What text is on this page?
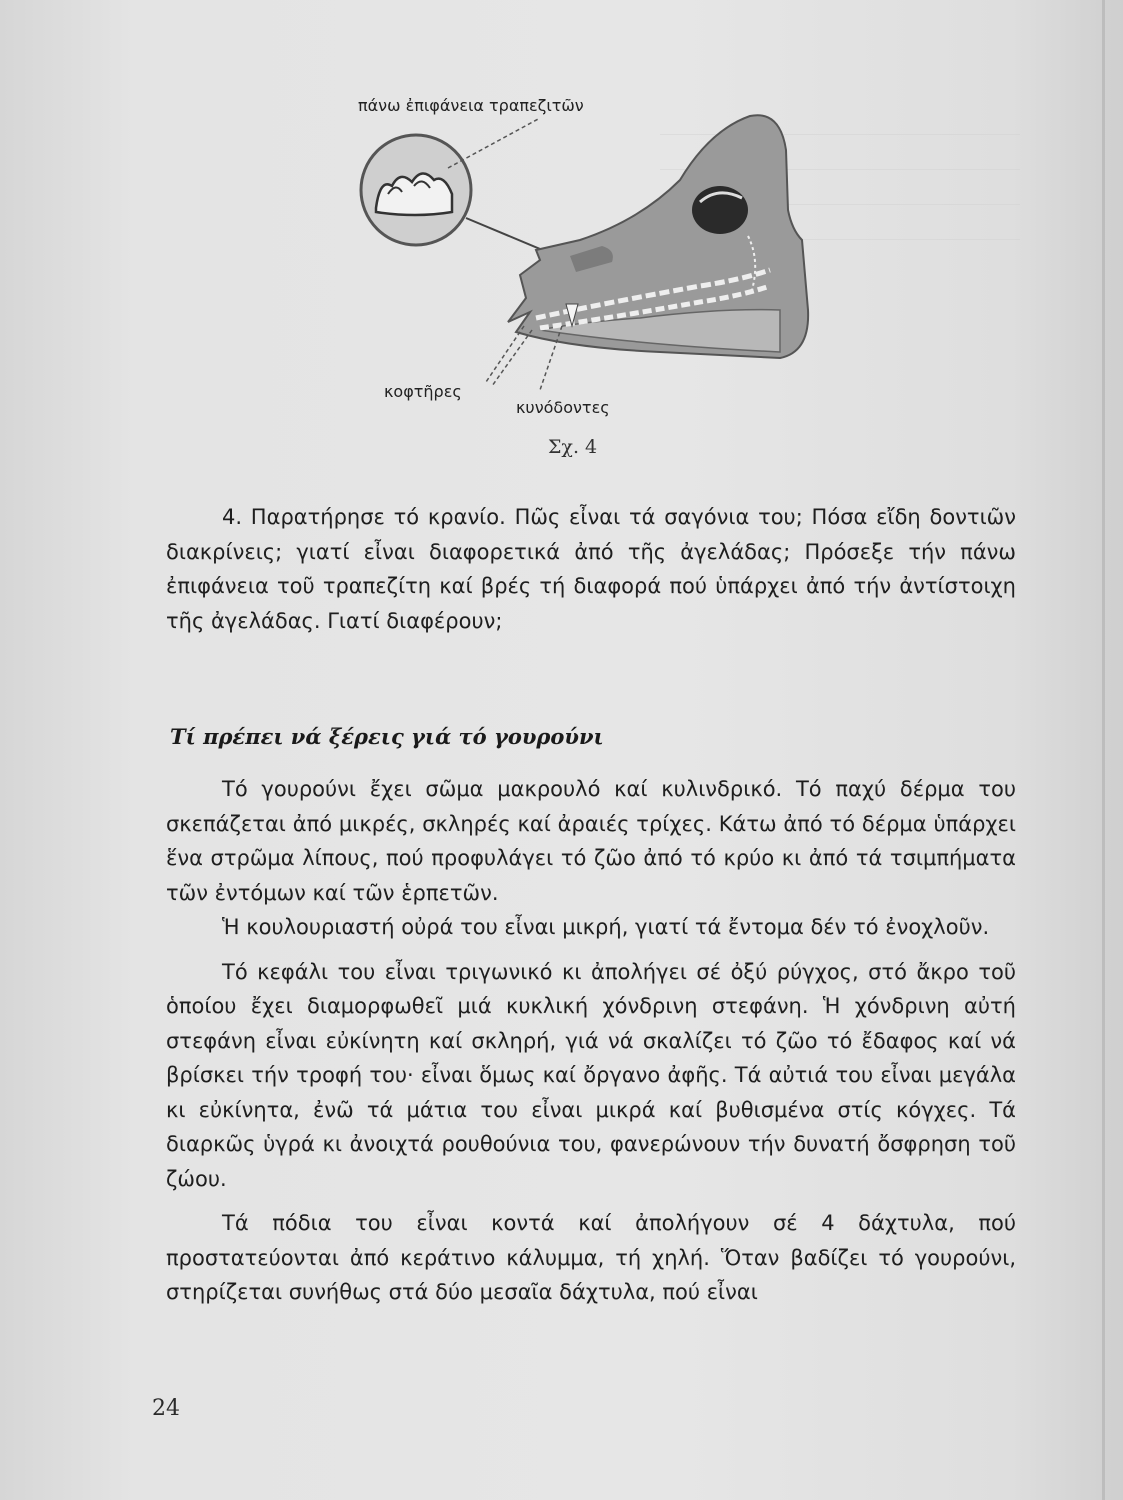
πάνω ἐπιφάνεια τραπεζιτῶν
κοφτῆρες
κυνόδοντες
Σχ. 4

4. Παρατήρησε τό κρανίο. Πῶς εἶναι τά σαγόνια του; Πόσα εἴδη δοντιῶν διακρίνεις; γιατί εἶναι διαφορετικά ἀπό τῆς ἀγελάδας; Πρόσεξε τήν πάνω ἐπιφάνεια τοῦ τραπεζίτη καί βρές τή διαφορά πού ὑπάρχει ἀπό τήν ἀντίστοιχη τῆς ἀγελάδας. Γιατί διαφέρουν;

Τί πρέπει νά ξέρεις γιά τό γουρούνι

Τό γουρούνι ἔχει σῶμα μακρουλό καί κυλινδρικό. Τό παχύ δέρμα του σκεπάζεται ἀπό μικρές, σκληρές καί ἀραιές τρίχες. Κάτω ἀπό τό δέρμα ὑπάρχει ἕνα στρῶμα λίπους, πού προφυλάγει τό ζῶο ἀπό τό κρύο κι ἀπό τά τσιμπήματα τῶν ἐντόμων καί τῶν ἑρπετῶν.

Ἡ κουλουριαστή οὐρά του εἶναι μικρή, γιατί τά ἔντομα δέν τό ἐνοχλοῦν.

Τό κεφάλι του εἶναι τριγωνικό κι ἀπολήγει σέ ὀξύ ρύγχος, στό ἄκρο τοῦ ὁποίου ἔχει διαμορφωθεῖ μιά κυκλική χόνδρινη στεφάνη. Ἡ χόνδρινη αὐτή στεφάνη εἶναι εὐκίνητη καί σκληρή, γιά νά σκαλίζει τό ζῶο τό ἔδαφος καί νά βρίσκει τήν τροφή του· εἶναι ὅμως καί ὄργανο ἀφῆς. Τά αὐτιά του εἶναι μεγάλα κι εὐκίνητα, ἐνῶ τά μάτια του εἶναι μικρά καί βυθισμένα στίς κόγχες. Τά διαρκῶς ὑγρά κι ἀνοιχτά ρουθούνια του, φανερώνουν τήν δυνατή ὄσφρηση τοῦ ζώου.

Τά πόδια του εἶναι κοντά καί ἀπολήγουν σέ 4 δάχτυλα, πού προστατεύονται ἀπό κεράτινο κάλυμμα, τή χηλή. Ὅταν βαδίζει τό γουρούνι, στηρίζεται συνήθως στά δύο μεσαῖα δάχτυλα, πού εἶναι

24
